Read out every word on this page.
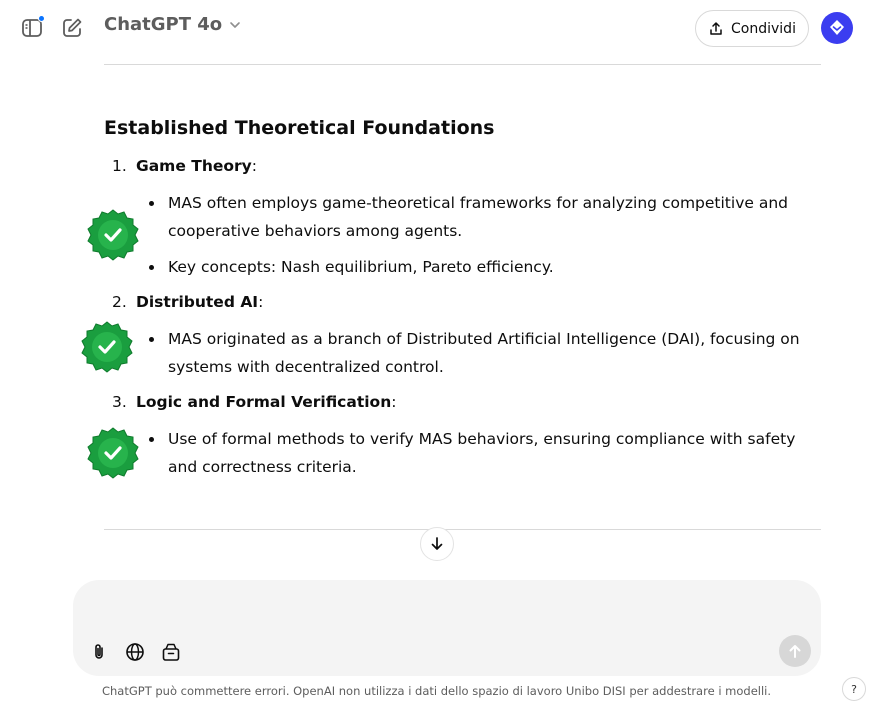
ChatGPT 4o	Condividi
Established Theoretical Foundations
1. Game Theory:
MAS often employs game-theoretical frameworks for analyzing competitive and cooperative behaviors among agents.
Key concepts: Nash equilibrium, Pareto efficiency.
2. Distributed AI:
MAS originated as a branch of Distributed Artificial Intelligence (DAI), focusing on systems with decentralized control.
3. Logic and Formal Verification:
Use of formal methods to verify MAS behaviors, ensuring compliance with safety and correctness criteria.
ChatGPT può commettere errori. OpenAI non utilizza i dati dello spazio di lavoro Unibo DISI per addestrare i modelli.	?
